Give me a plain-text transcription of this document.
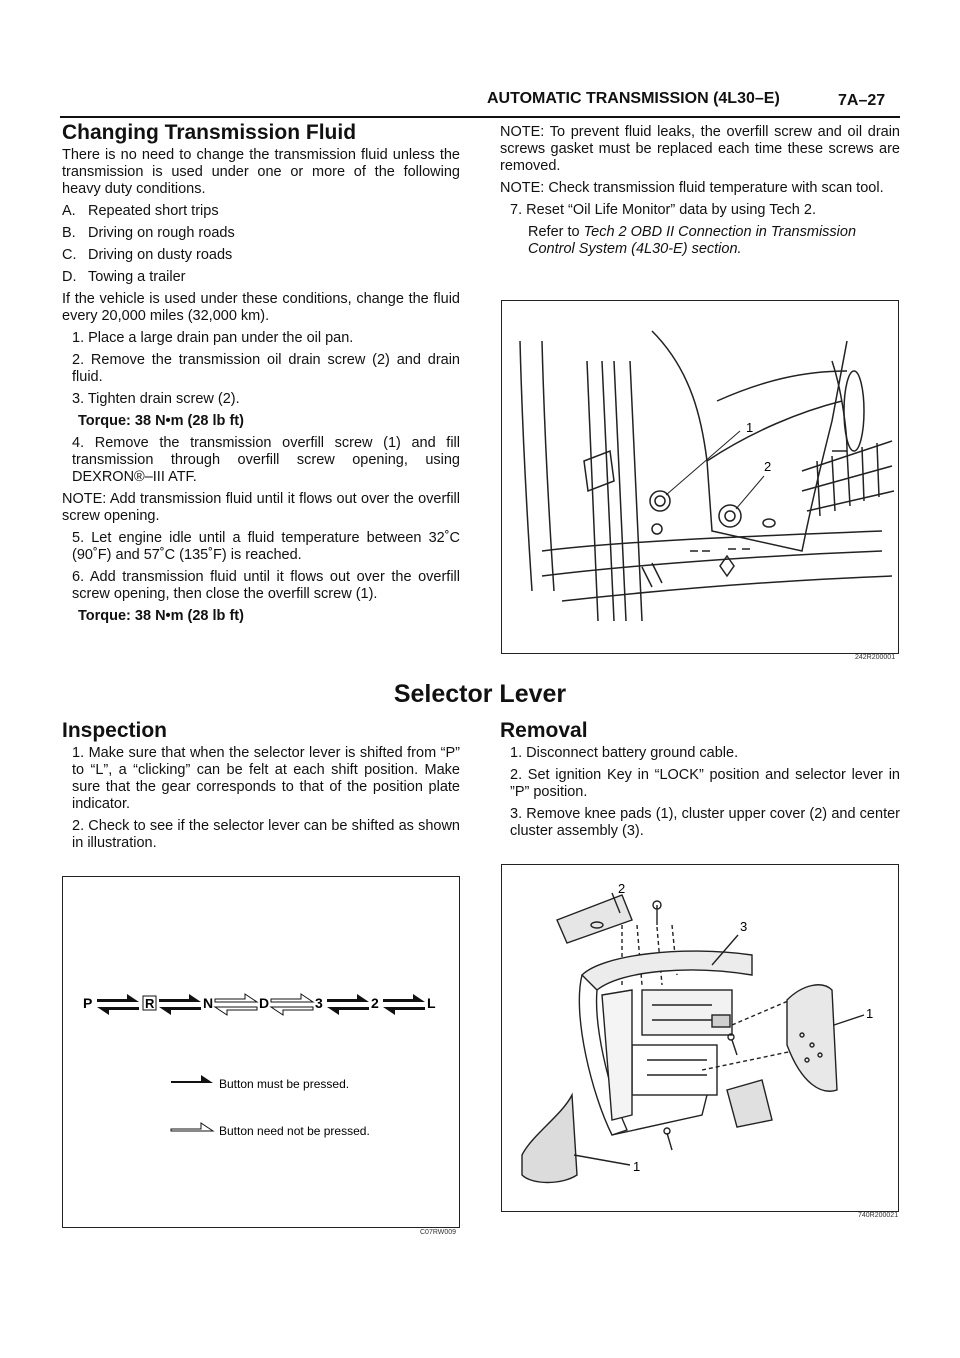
AUTOMATIC TRANSMISSION (4L30–E)	7A–27
Changing Transmission Fluid

There is no need to change the transmission fluid unless the transmission is used under one or more of the following heavy duty conditions.

A. Repeated short trips
B. Driving on rough roads
C. Driving on dusty roads
D. Towing a trailer

If the vehicle is used under these conditions, change the fluid every 20,000 miles (32,000 km).

1. Place a large drain pan under the oil pan.
2. Remove the transmission oil drain screw (2) and drain fluid.
3. Tighten drain screw (2).
Torque: 38 N•m (28 lb ft)
4. Remove the transmission overfill screw (1) and fill transmission through overfill screw opening, using DEXRON®–III ATF.

NOTE: Add transmission fluid until it flows out over the overfill screw opening.

5. Let engine idle until a fluid temperature between 32˚C (90˚F) and 57˚C (135˚F) is reached.
6. Add transmission fluid until it flows out over the overfill screw opening, then close the overfill screw (1).
Torque: 38 N•m (28 lb ft)

NOTE: To prevent fluid leaks, the overfill screw and oil drain screws gasket must be replaced each time these screws are removed.

NOTE: Check transmission fluid temperature with scan tool.

7. Reset “Oil Life Monitor” data by using Tech 2.
Refer to Tech 2 OBD II Connection in Transmission Control System (4L30-E) section.
1
2
242R200001
Selector Lever
Inspection
1. Make sure that when the selector lever is shifted from “P” to “L”, a “clicking” can be felt at each shift position. Make sure that the gear corresponds to that of the position plate indicator.
2. Check to see if the selector lever can be shifted as shown in illustration.
P	R	N	D	3	2	L
Button must be pressed.
Button need not be pressed.
C07RW009
Removal
1. Disconnect battery ground cable.
2. Set ignition Key in “LOCK” position and selector lever in ”P” position.
3. Remove knee pads (1), cluster upper cover (2) and center cluster assembly (3).
2
3
1
1
740R200021
